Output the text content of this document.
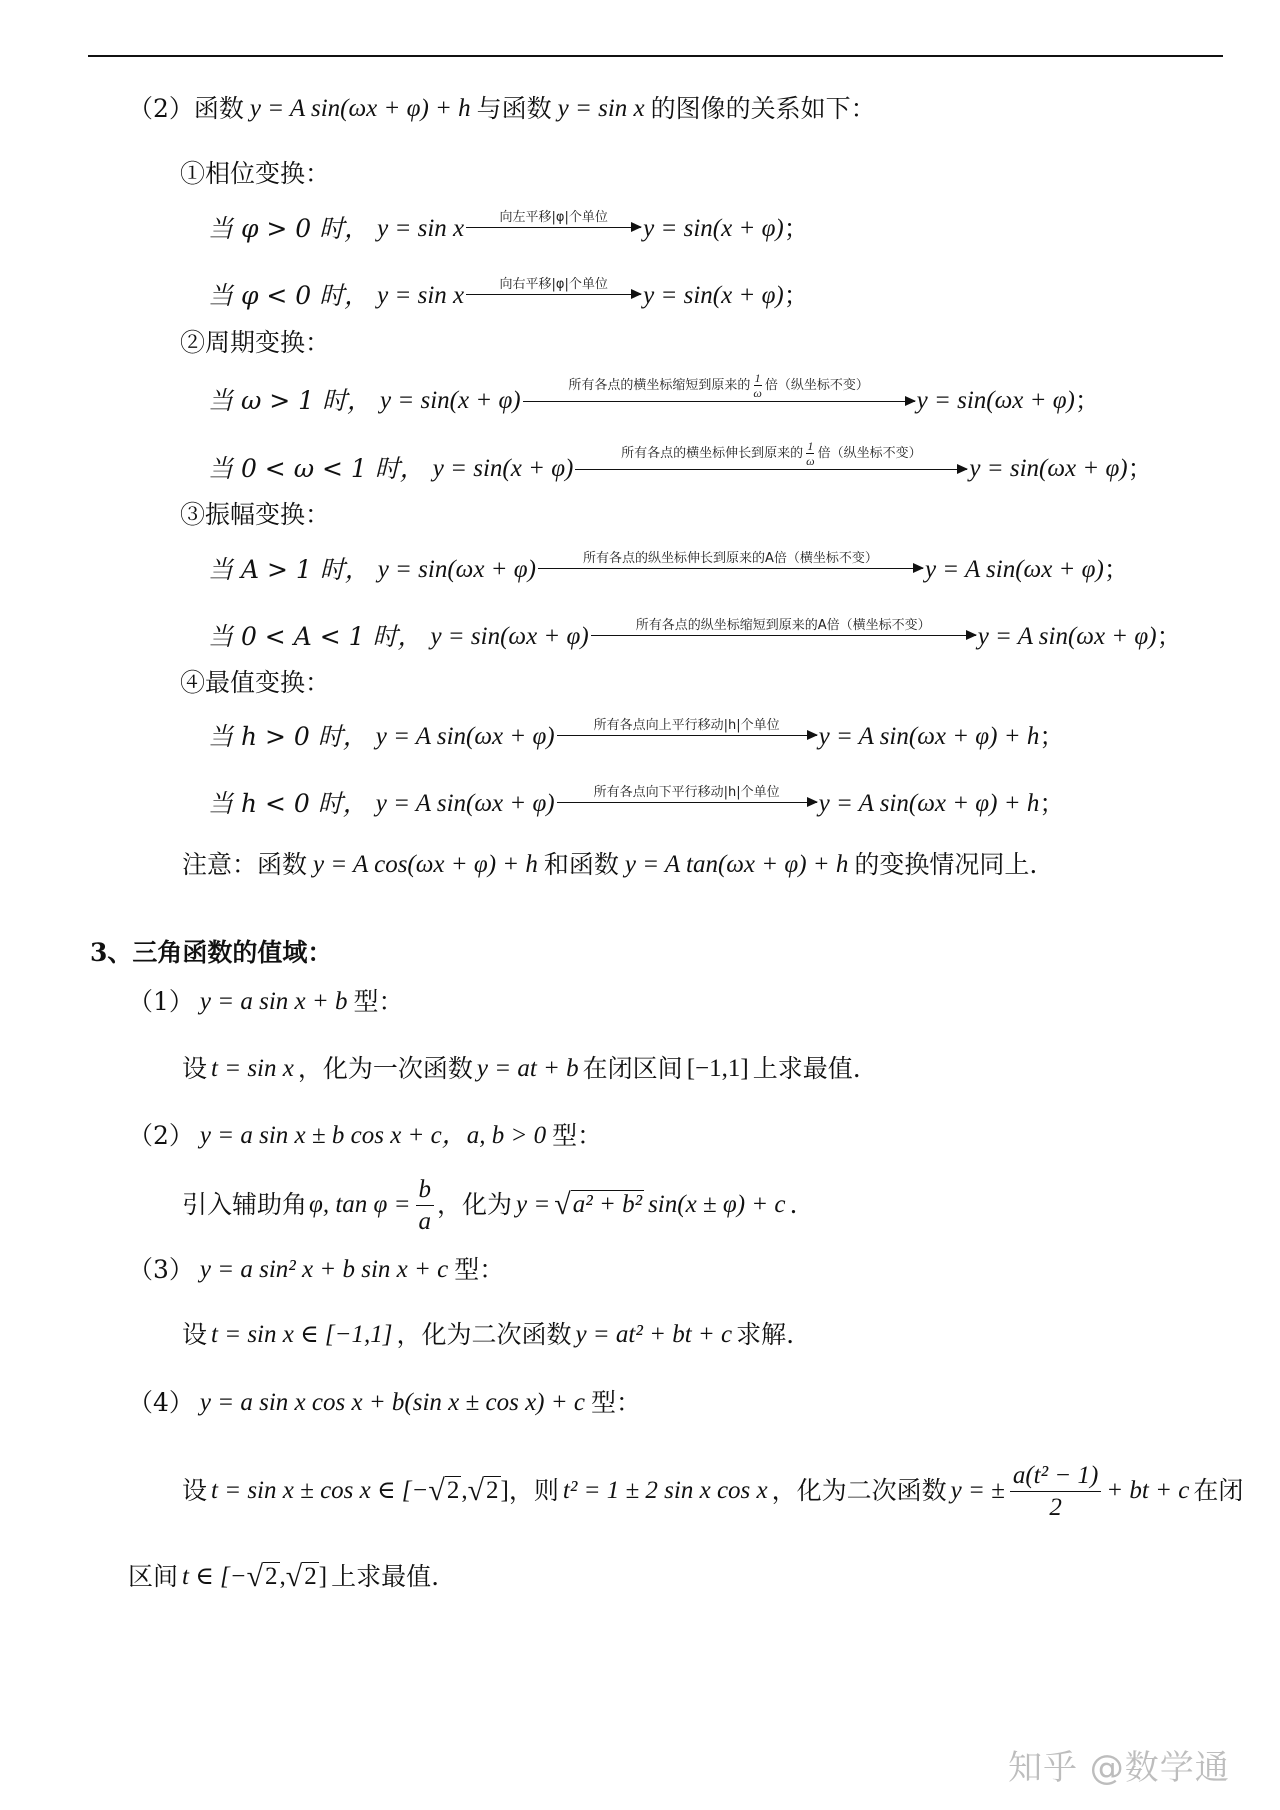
（2）函数 y = A sin(ωx + φ) + h 与函数 y = sin x 的图像的关系如下：
①相位变换：
当 φ > 0 时， y = sin x	向左平移|φ|个单位 y = sin(x + φ) ；
当 φ < 0 时， y = sin x	向右平移|φ|个单位 y = sin(x + φ) ；
②周期变换：
当 ω > 1 时， y = sin(x + φ)
所有各点的横坐标缩短到原来的 $\frac{1}{\omega}$ 倍（纵坐标不变）
y = sin(ωx + φ) ；
当 0 < ω < 1 时， y = sin(x + φ)
所有各点的横坐标伸长到原来的 $\frac{1}{\omega}$ 倍（纵坐标不变）
y = sin(ωx + φ) ；
③振幅变换：
当 A > 1 时， y = sin(ωx + φ)	所有各点的纵坐标伸长到原来的A倍（横坐标不变） y = A sin(ωx + φ) ；
当 0 < A < 1 时， y = sin(ωx + φ)	所有各点的纵坐标缩短到原来的A倍（横坐标不变） y = A sin(ωx + φ) ；
④最值变换：
当 h > 0 时， y = A sin(ωx + φ)	所有各点向上平行移动|h|个单位 y = A sin(ωx + φ) + h ；
当 h < 0 时， y = A sin(ωx + φ)	所有各点向下平行移动|h|个单位 y = A sin(ωx + φ) + h ；
注意：函数 y = A cos(ωx + φ) + h 和函数 y = A tan(ωx + φ) + h 的变换情况同上.
3、三角函数的值域：
（1） y = a sin x + b 型：
设 t = sin x ，化为一次函数 y = at + b 在闭区间 [−1,1] 上求最值.
（2） y = a sin x ± b cos x + c ，a, b > 0 型：
引入辅助角 φ, $\tan \varphi = \frac{b}{a}$ ，化为 y = √ a² + b² sin(x ± φ) + c .
（3） y = a sin² x + b sin x + c 型：
设 t = sin x ∈ [−1,1] ，化为二次函数 y = at² + bt + c 求解.
（4） y = a sin x cos x + b(sin x ± cos x) + c 型：
设 t = sin x ± cos x ∈ [− √ 2 , √ 2 ] ，则 t² = 1 ± 2 sin x cos x ，化为二次函数 y = ± $\frac{\text{a(t² − 1)}}{2}$ + bt + c 在闭
区间 t ∈ [− √ 2 , √ 2 ] 上求最值.
知乎 @数学通
